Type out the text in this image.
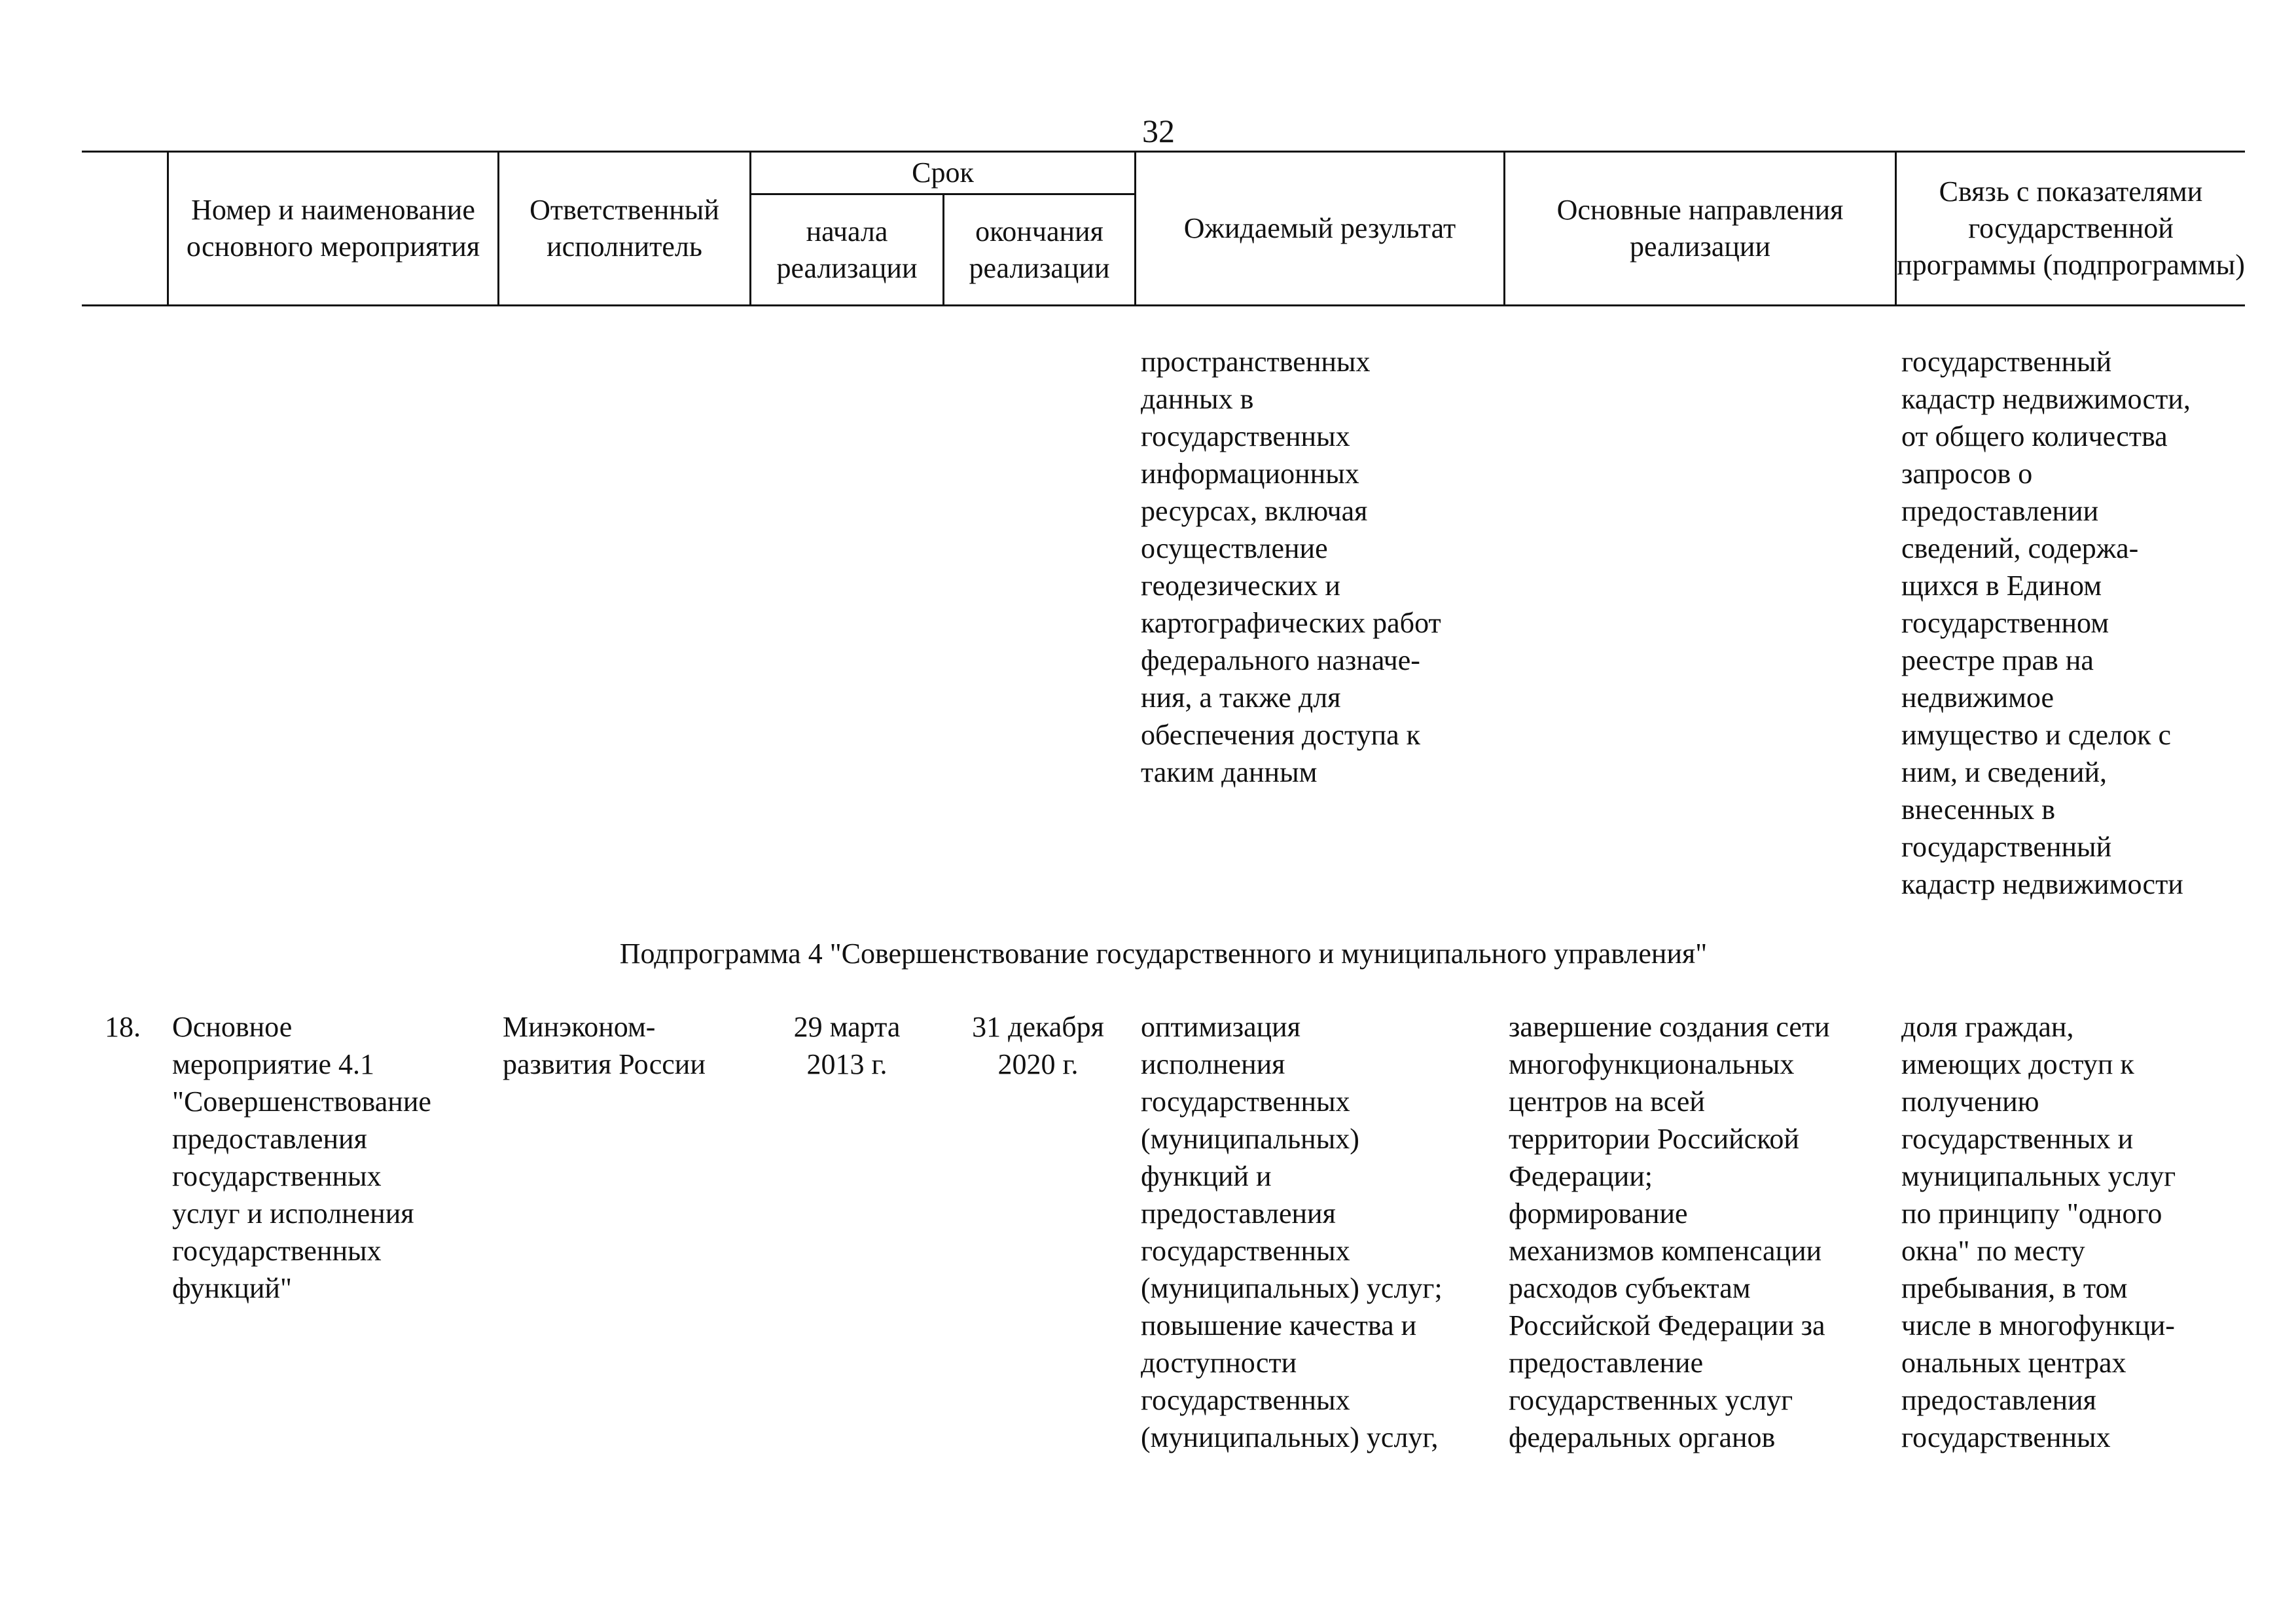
32
Номер и наименование основного мероприятия
Ответственный исполнитель
Срок
начала реализации
окончания реализации
Ожидаемый результат
Основные направления реализации
Связь с показателями государственной программы (подпрограммы)
пространственных
данных в
государственных
информационных
ресурсах, включая
осуществление
геодезических и
картографических работ
федерального назначе-
ния, а также для
обеспечения доступа к
таким данным
государственный
кадастр недвижимости,
от общего количества
запросов о
предоставлении
сведений, содержа-
щихся в Едином
государственном
реестре прав на
недвижимое
имущество и сделок с
ним, и сведений,
внесенных в
государственный
кадастр недвижимости
Подпрограмма 4 "Совершенствование государственного и муниципального управления"
18.	Основное
мероприятие 4.1
"Совершенствование
предоставления
государственных
услуг и исполнения
государственных
функций"
Минэконом-
развития России
29 марта
2013 г.
31 декабря
2020 г.
оптимизация
исполнения
государственных
(муниципальных)
функций и
предоставления
государственных
(муниципальных) услуг;
повышение качества и
доступности
государственных
(муниципальных) услуг,
завершение создания сети
многофункциональных
центров на всей
территории Российской
Федерации;
формирование
механизмов компенсации
расходов субъектам
Российской Федерации за
предоставление
государственных услуг
федеральных органов
доля граждан,
имеющих доступ к
получению
государственных и
муниципальных услуг
по принципу "одного
окна" по месту
пребывания, в том
числе в многофункци-
ональных центрах
предоставления
государственных
